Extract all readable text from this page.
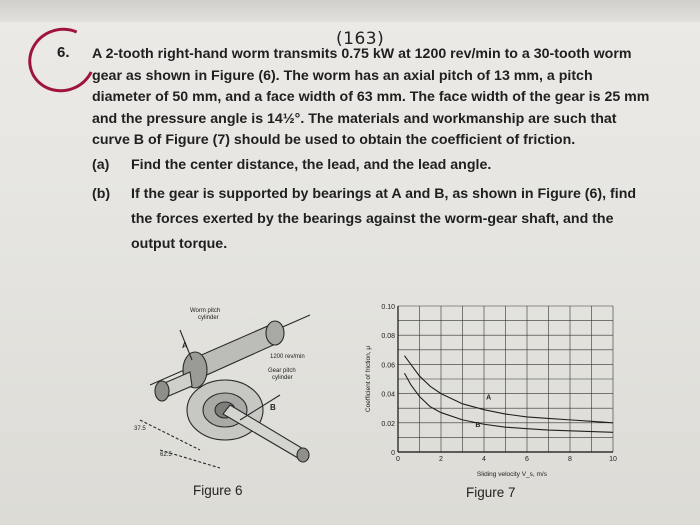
(163)
6. A 2-tooth right-hand worm transmits 0.75 kW at 1200 rev/min to a 30-tooth worm
gear as shown in Figure (6). The worm has an axial pitch of 13 mm, a pitch
diameter of 50 mm, and a face width of 63 mm. The face width of the gear is 25 mm
and the pressure angle is 14½°. The materials and workmanship are such that
curve B of Figure (7) should be used to obtain the coefficient of friction.
(a) Find the center distance, the lead, and the lead angle.
(b) If the gear is supported by bearings at A and B, as shown in Figure (6), find
the forces exerted by the bearings against the worm-gear shaft, and the
output torque.
Worm pitch
cylinder
1200 rev/min
Gear pitch
cylinder
A
B
37.5
62.5
Figure 6
0	2	4	6	8	10
0
0.02
0.04
0.06
0.08
0.10
Sliding velocity V_s, m/s
Coefficient of friction, μ	A
B
Figure 7
